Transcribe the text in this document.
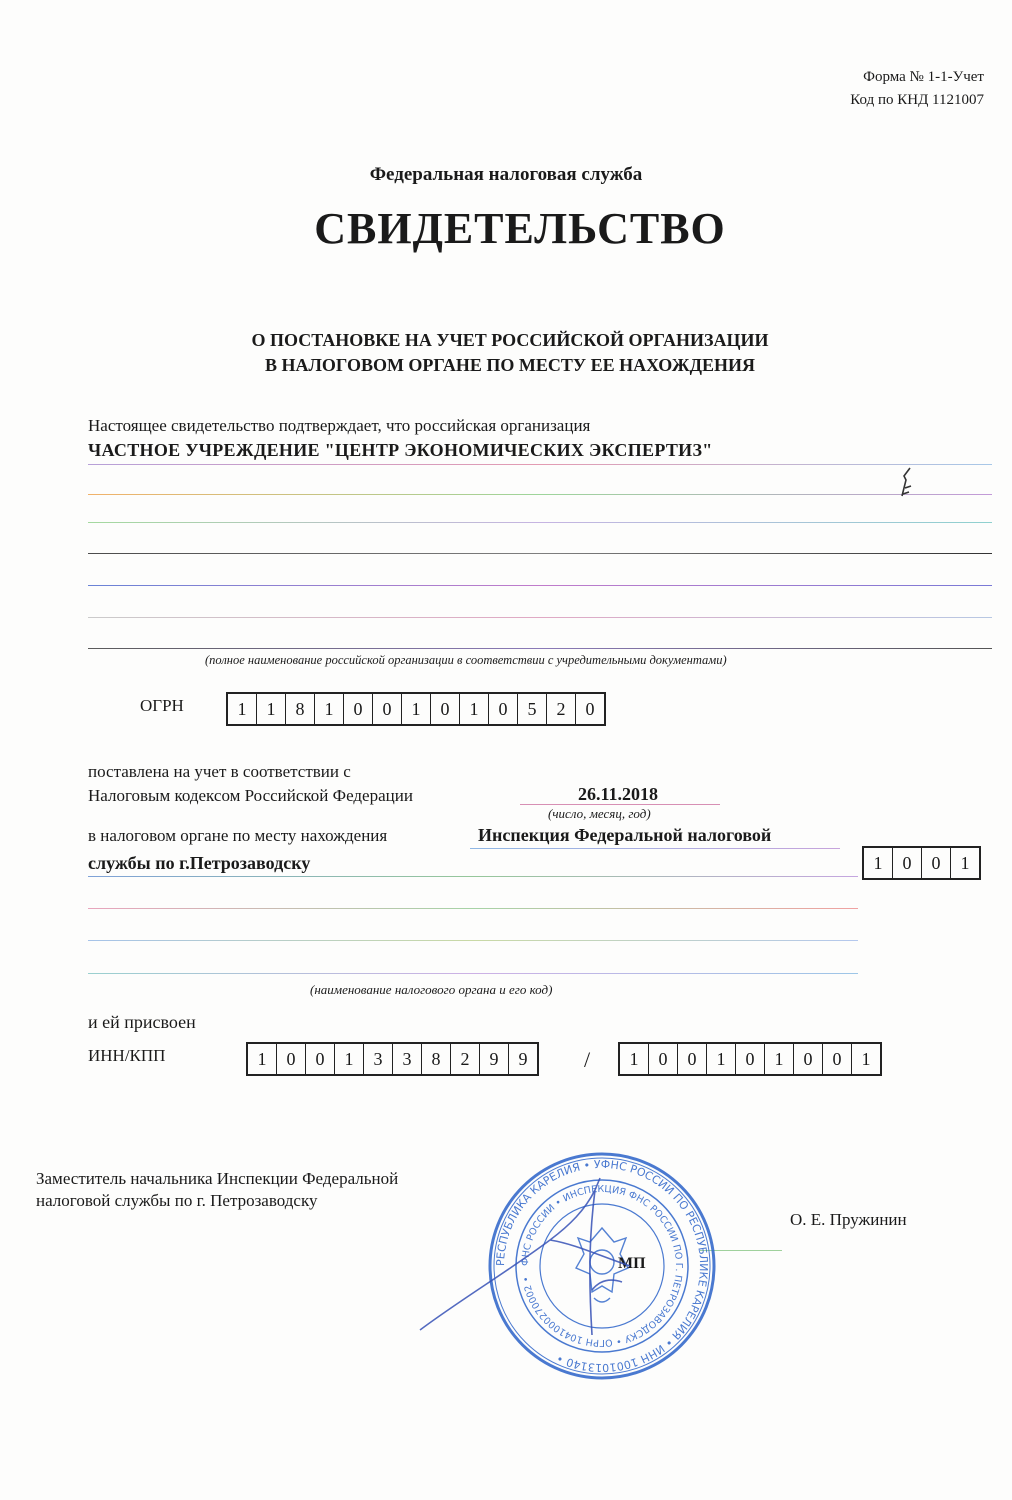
Форма № 1-1-Учет
Код по КНД 1121007
Федеральная налоговая служба
СВИДЕТЕЛЬСТВО
О ПОСТАНОВКЕ НА УЧЕТ РОССИЙСКОЙ ОРГАНИЗАЦИИ
В НАЛОГОВОМ ОРГАНЕ ПО МЕСТУ ЕЕ НАХОЖДЕНИЯ
Настоящее свидетельство подтверждает, что российская организация
ЧАСТНОЕ УЧРЕЖДЕНИЕ "ЦЕНТР ЭКОНОМИЧЕСКИХ ЭКСПЕРТИЗ"
(полное наименование российской организации в соответствии с учредительными документами)
ОГРН	1	1	8	1	0	0	1	0	1	0	5	2	0
поставлена на учет в соответствии с
Налоговым кодексом Российской Федерации	26.11.2018
(число, месяц, год)
в налоговом органе по месту нахождения	Инспекция Федеральной налоговой
службы по г.Петрозаводску	1	0	0	1
(наименование налогового органа и его код)
и ей присвоен
ИНН/КПП	1	0	0	1	3	3	8	2	9	9	/	1	0	0	1	0	1	0	0	1
Заместитель начальника Инспекции Федеральной
налоговой службы по г. Петрозаводску
О. Е. Пружинин
РЕСПУБЛИКА КАРЕЛИЯ • УФНС РОССИИ ПО РЕСПУБЛИКЕ КАРЕЛИЯ • ИНН 1001013140 •
ФНС РОССИИ • ИНСПЕКЦИЯ ФНС РОССИИ ПО Г. ПЕТРОЗАВОДСКУ • ОГРН 1041000270002 •
МП
